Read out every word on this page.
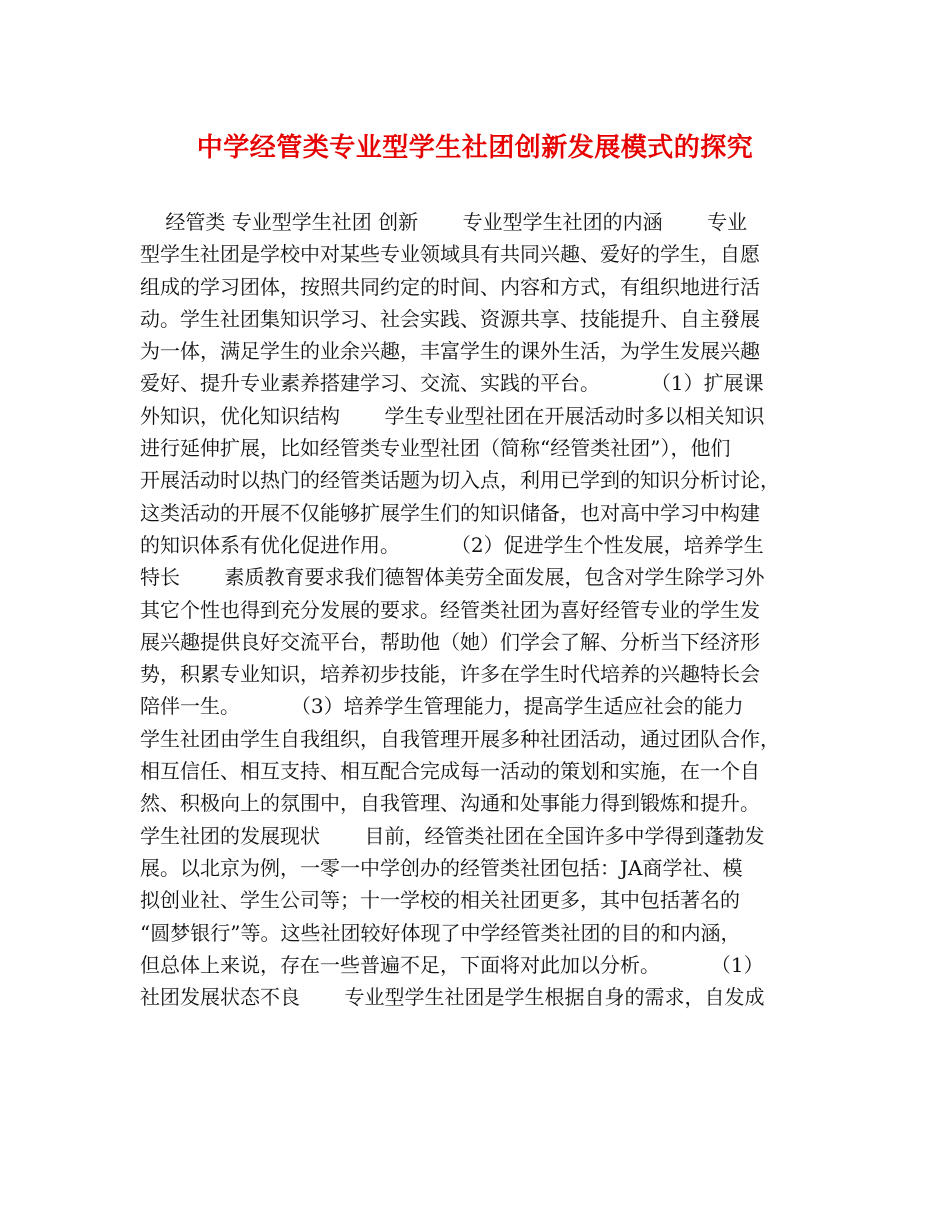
中学经管类专业型学生社团创新发展模式的探究
经管类 专业型学生社团 创新       专业型学生社团的内涵       专业
型学生社团是学校中对某些专业领域具有共同兴趣、爱好的学生，自愿
组成的学习团体，按照共同约定的时间、内容和方式，有组织地进行活
动。学生社团集知识学习、社会实践、资源共享、技能提升、自主發展
为一体，满足学生的业余兴趣，丰富学生的课外生活，为学生发展兴趣
爱好、提升专业素养搭建学习、交流、实践的平台。        （1）扩展课
外知识，优化知识结构       学生专业型社团在开展活动时多以相关知识
进行延伸扩展，比如经管类专业型社团（简称“经管类社团”），他们
开展活动时以热门的经管类话题为切入点，利用已学到的知识分析讨论，
这类活动的开展不仅能够扩展学生们的知识储备，也对高中学习中构建
的知识体系有优化促进作用。        （2）促进学生个性发展，培养学生
特长       素质教育要求我们德智体美劳全面发展，包含对学生除学习外
其它个性也得到充分发展的要求。经管类社团为喜好经管专业的学生发
展兴趣提供良好交流平台，帮助他（她）们学会了解、分析当下经济形
势，积累专业知识，培养初步技能，许多在学生时代培养的兴趣特长会
陪伴一生。        （3）培养学生管理能力，提高学生适应社会的能力
学生社团由学生自我组织，自我管理开展多种社团活动，通过团队合作，
相互信任、相互支持、相互配合完成每一活动的策划和实施，在一个自
然、积极向上的氛围中，自我管理、沟通和处事能力得到锻炼和提升。
学生社团的发展现状       目前，经管类社团在全国许多中学得到蓬勃发
展。以北京为例，一零一中学创办的经管类社团包括：JA商学社、模
拟创业社、学生公司等；十一学校的相关社团更多，其中包括著名的
“圆梦银行”等。这些社团较好体现了中学经管类社团的目的和内涵，
但总体上来说，存在一些普遍不足，下面将对此加以分析。        （1）
社团发展状态不良       专业型学生社团是学生根据自身的需求，自发成
